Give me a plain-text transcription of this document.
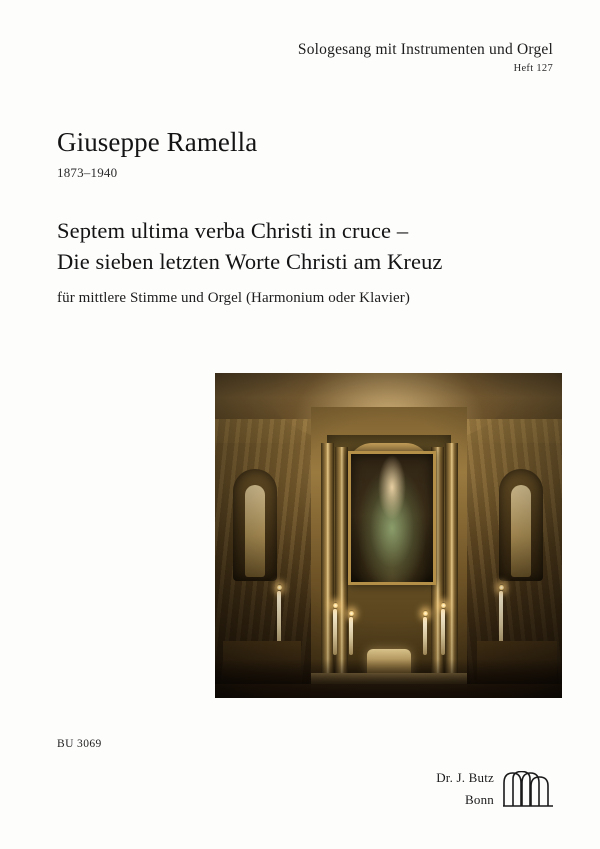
Sologesang mit Instrumenten und Orgel
Heft 127
Giuseppe Ramella
1873–1940
Septem ultima verba Christi in cruce –
Die sieben letzten Worte Christi am Kreuz
für mittlere Stimme und Orgel (Harmonium oder Klavier)
BU 3069
Dr. J. Butz
Bonn
